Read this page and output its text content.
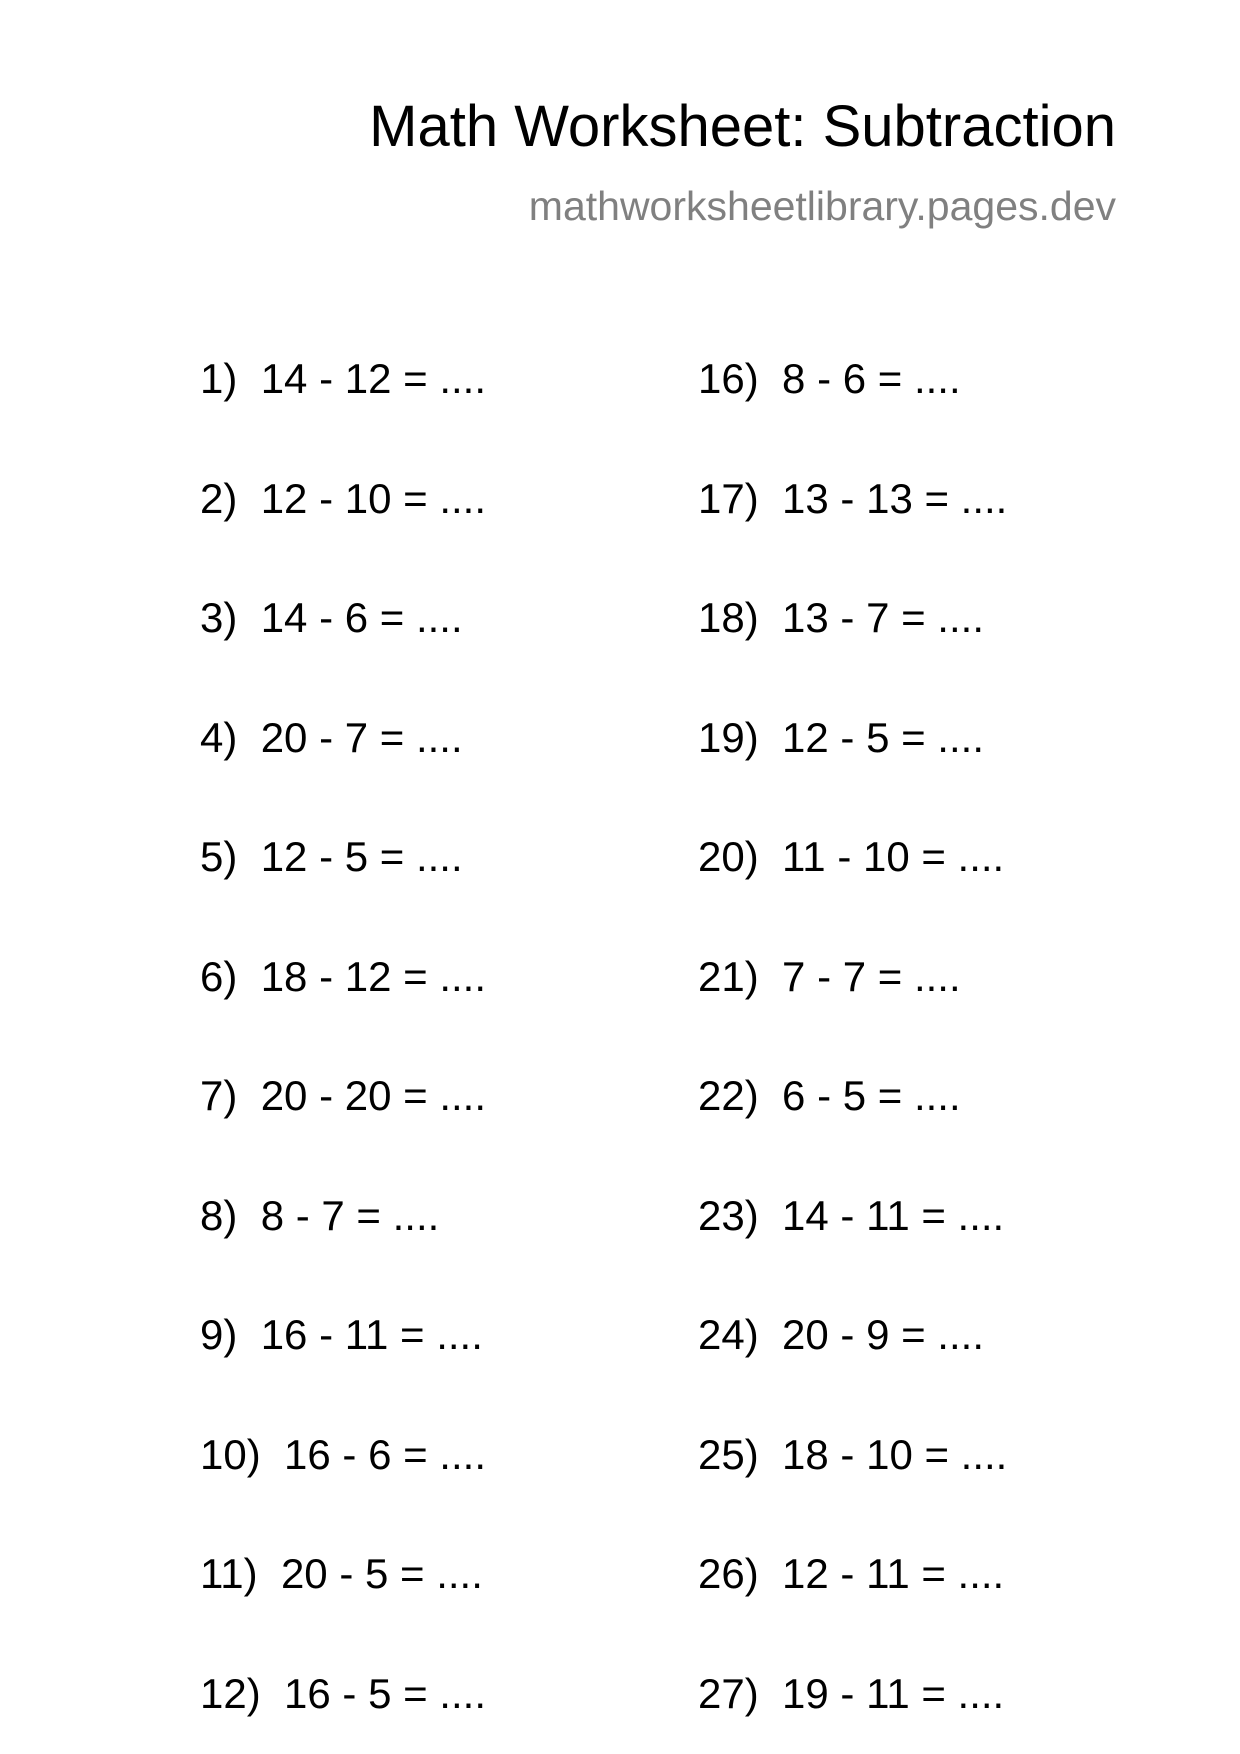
Math Worksheet: Subtraction
mathworksheetlibrary.pages.dev
1) 14 - 12 = ....
2) 12 - 10 = ....
3) 14 - 6 = ....
4) 20 - 7 = ....
5) 12 - 5 = ....
6) 18 - 12 = ....
7) 20 - 20 = ....
8) 8 - 7 = ....
9) 16 - 11 = ....
10) 16 - 6 = ....
11) 20 - 5 = ....
12) 16 - 5 = ....
16) 8 - 6 = ....
17) 13 - 13 = ....
18) 13 - 7 = ....
19) 12 - 5 = ....
20) 11 - 10 = ....
21) 7 - 7 = ....
22) 6 - 5 = ....
23) 14 - 11 = ....
24) 20 - 9 = ....
25) 18 - 10 = ....
26) 12 - 11 = ....
27) 19 - 11 = ....
